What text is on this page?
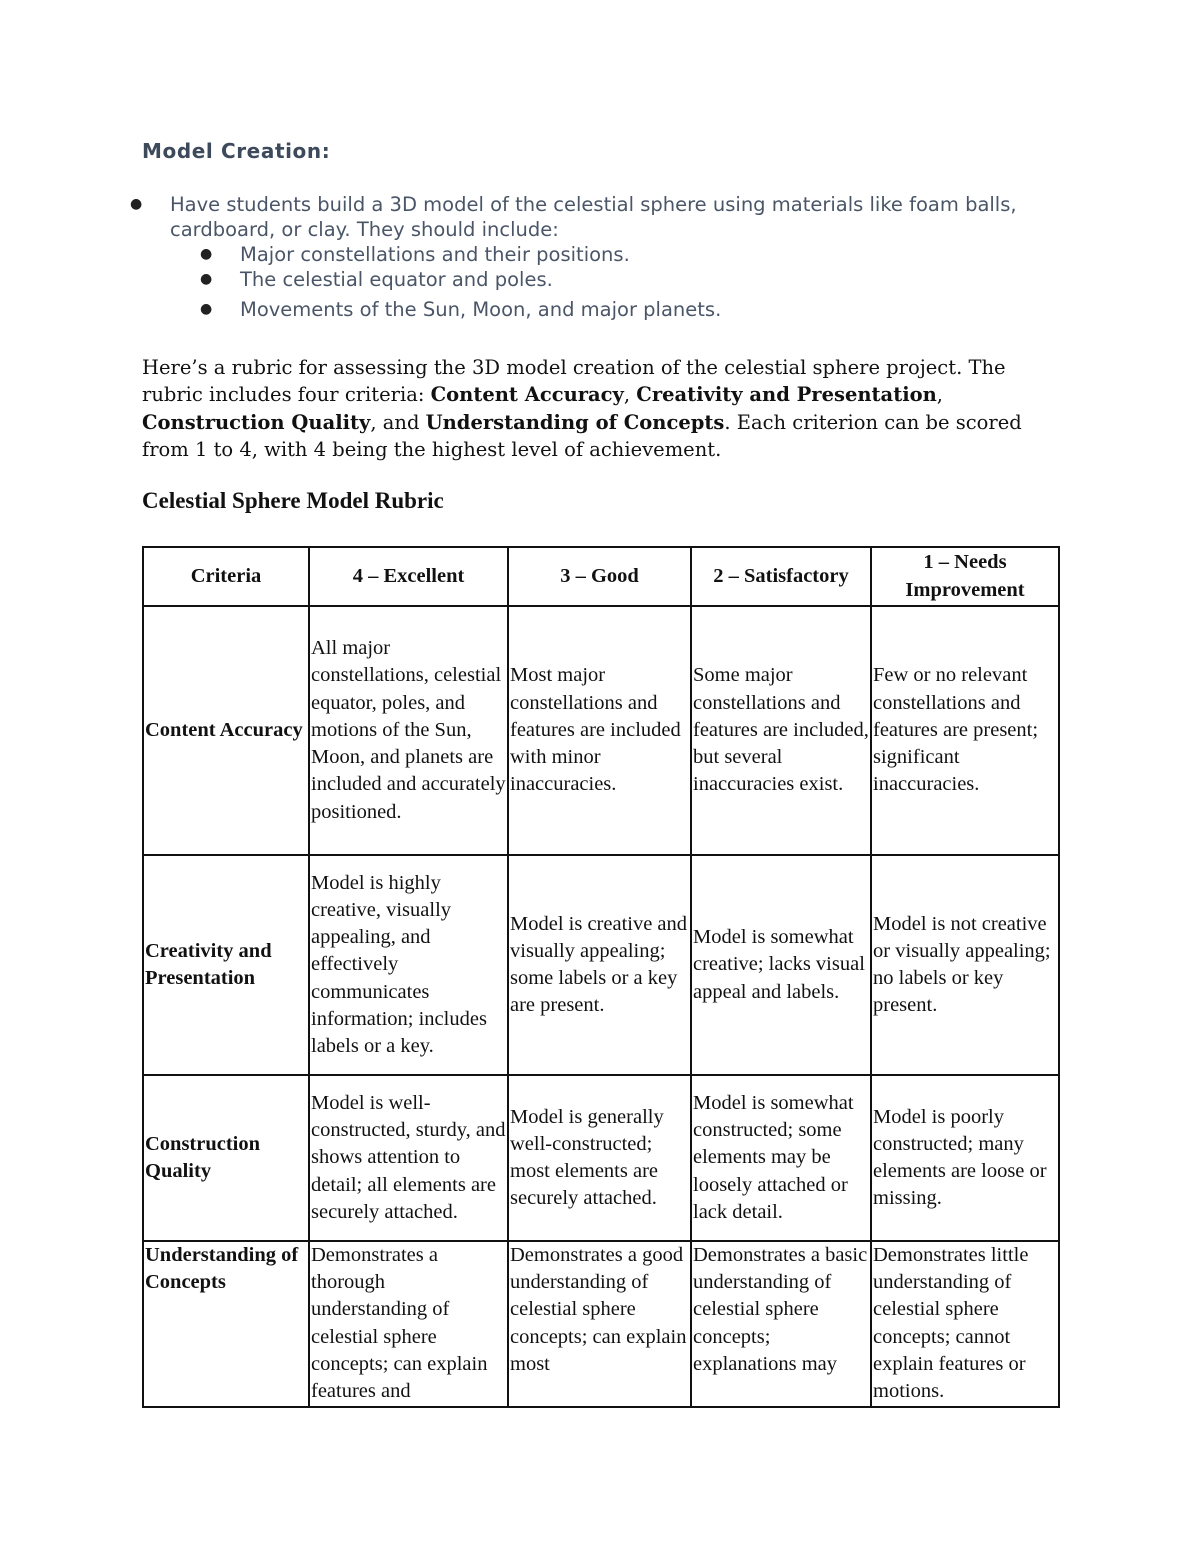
Model Creation:
● Have students build a 3D model of the celestial sphere using materials like foam balls, cardboard, or clay. They should include:
● Major constellations and their positions.
● The celestial equator and poles.
● Movements of the Sun, Moon, and major planets.

Here’s a rubric for assessing the 3D model creation of the celestial sphere project. The rubric includes four criteria: Content Accuracy, Creativity and Presentation, Construction Quality, and Understanding of Concepts. Each criterion can be scored from 1 to 4, with 4 being the highest level of achievement.

Celestial Sphere Model Rubric
Criteria	4 – Excellent	3 – Good	2 – Satisfactory	1 – Needs Improvement
Content Accuracy	All major constellations, celestial equator, poles, and motions of the Sun, Moon, and planets are included and accurately positioned.	Most major constellations and features are included with minor inaccuracies.	Some major constellations and features are included, but several inaccuracies exist.	Few or no relevant constellations and features are present; significant inaccuracies.
Creativity and Presentation	Model is highly creative, visually appealing, and effectively communicates information; includes labels or a key.	Model is creative and visually appealing; some labels or a key are present.	Model is somewhat creative; lacks visual appeal and labels.	Model is not creative or visually appealing; no labels or key present.
Construction Quality	Model is well-constructed, sturdy, and shows attention to detail; all elements are securely attached.	Model is generally well-constructed; most elements are securely attached.	Model is somewhat constructed; some elements may be loosely attached or lack detail.	Model is poorly constructed; many elements are loose or missing.

Understanding of Concepts	Demonstrates a thorough understanding of celestial sphere concepts; can explain features and	Demonstrates a good understanding of celestial sphere concepts; can explain most	Demonstrates a basic understanding of celestial sphere concepts; explanations may	Demonstrates little understanding of celestial sphere concepts; cannot explain features or motions.
